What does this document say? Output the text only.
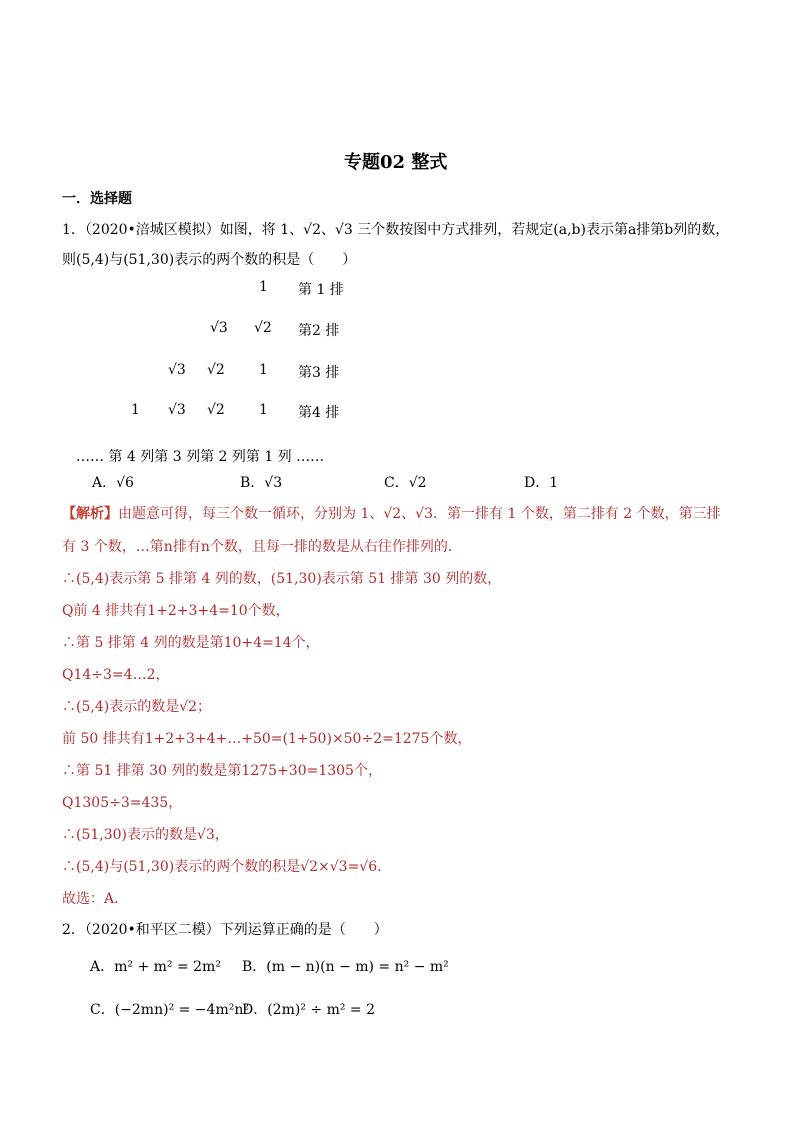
专题02 整式
一．选择题
1．（2020•涪城区模拟）如图，将 1、√2、√3 三个数按图中方式排列，若规定(a,b)表示第a排第b列的数，
则(5,4)与(51,30)表示的两个数的积是（　　）
1 第 1 排
√3 √2 第2 排
√3 √2 1 第3 排
1 √3 √2 1 第4 排
…… 第 4 列第 3 列第 2 列第 1 列 ……
A．√6	B．√3	C．√2	D．1
【解析】由题意可得，每三个数一循环，分别为 1、√2、√3．第一排有 1 个数，第二排有 2 个数，第三排
有 3 个数，…第n排有n个数，且每一排的数是从右往作排列的．
∴(5,4)表示第 5 排第 4 列的数，(51,30)表示第 51 排第 30 列的数，
Q前 4 排共有1+2+3+4=10个数，
∴第 5 排第 4 列的数是第10+4=14个，
Q14÷3=4…2，
∴(5,4)表示的数是√2；
前 50 排共有1+2+3+4+…+50=(1+50)×50÷2=1275个数，
∴第 51 排第 30 列的数是第1275+30=1305个，
Q1305÷3=435，
∴(51,30)表示的数是√3，
∴(5,4)与(51,30)表示的两个数的积是√2×√3=√6．
故选：A．
2．（2020•和平区二模）下列运算正确的是（　　）
A．m² + m² = 2m² B．(m − n)(n − m) = n² − m²
C．(−2mn)² = −4m²n²
D．(2m)² ÷ m² = 2
